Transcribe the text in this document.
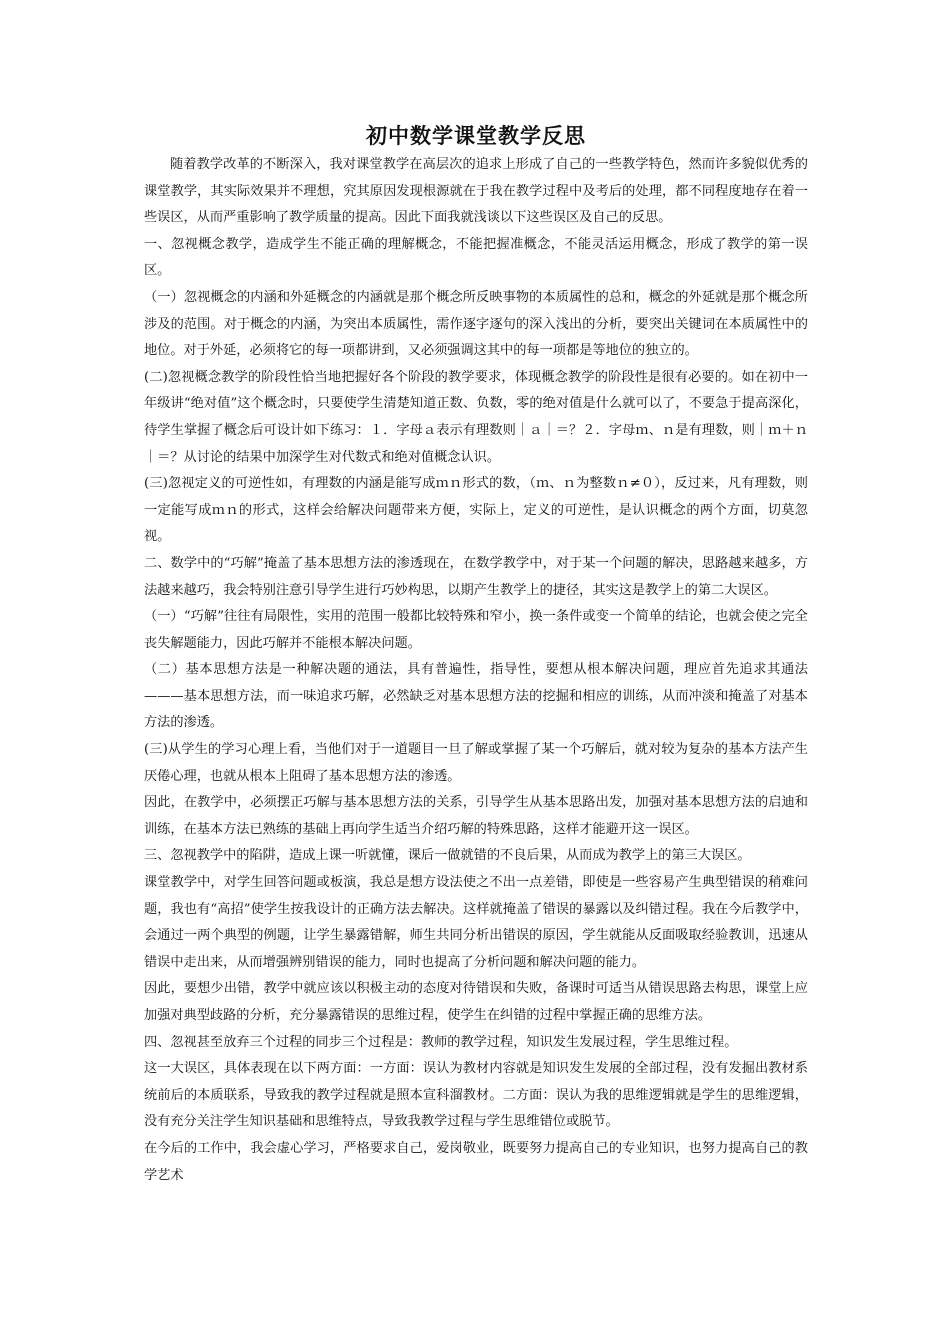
初中数学课堂教学反思

随着教学改革的不断深入，我对课堂教学在高层次的追求上形成了自己的一些教学特色，然而许多貌似优秀的课堂教学，其实际效果并不理想，究其原因发现根源就在于我在教学过程中及考后的处理，都不同程度地存在着一些误区，从而严重影响了教学质量的提高。因此下面我就浅谈以下这些误区及自己的反思。

一、忽视概念教学，造成学生不能正确的理解概念，不能把握准概念，不能灵活运用概念，形成了教学的第一误区。

（一）忽视概念的内涵和外延概念的内涵就是那个概念所反映事物的本质属性的总和，概念的外延就是那个概念所涉及的范围。对于概念的内涵，为突出本质属性，需作逐字逐句的深入浅出的分析，要突出关键词在本质属性中的地位。对于外延，必须将它的每一项都讲到，又必须强调这其中的每一项都是等地位的独立的。

(二)忽视概念教学的阶段性恰当地把握好各个阶段的教学要求，体现概念教学的阶段性是很有必要的。如在初中一年级讲“绝对值”这个概念时，只要使学生清楚知道正数、负数，零的绝对值是什么就可以了，不要急于提高深化，待学生掌握了概念后可设计如下练习：１．字母ａ表示有理数则｜ａ｜＝？２．字母ｍ、ｎ是有理数，则｜ｍ＋ｎ｜＝？从讨论的结果中加深学生对代数式和绝对值概念认识。

(三)忽视定义的可逆性如，有理数的内涵是能写成ｍｎ形式的数，（ｍ、ｎ为整数ｎ≠０），反过来，凡有理数，则一定能写成ｍｎ的形式，这样会给解决问题带来方便，实际上，定义的可逆性，是认识概念的两个方面，切莫忽视。

二、数学中的“巧解”掩盖了基本思想方法的渗透现在，在数学教学中，对于某一个问题的解决，思路越来越多，方法越来越巧，我会特别注意引导学生进行巧妙构思，以期产生教学上的捷径，其实这是教学上的第二大误区。

（一）“巧解”往往有局限性，实用的范围一般都比较特殊和窄小，换一条件或变一个简单的结论，也就会使之完全丧失解题能力，因此巧解并不能根本解决问题。

（二）基本思想方法是一种解决题的通法，具有普遍性，指导性，要想从根本解决问题，理应首先追求其通法———基本思想方法，而一味追求巧解，必然缺乏对基本思想方法的挖掘和相应的训练，从而冲淡和掩盖了对基本方法的渗透。

(三)从学生的学习心理上看，当他们对于一道题目一旦了解或掌握了某一个巧解后，就对较为复杂的基本方法产生厌倦心理，也就从根本上阻碍了基本思想方法的渗透。

因此，在教学中，必须摆正巧解与基本思想方法的关系，引导学生从基本思路出发，加强对基本思想方法的启迪和训练，在基本方法已熟练的基础上再向学生适当介绍巧解的特殊思路，这样才能避开这一误区。

三、忽视教学中的陷阱，造成上课一听就懂，课后一做就错的不良后果，从而成为教学上的第三大误区。

课堂教学中，对学生回答问题或板演，我总是想方设法使之不出一点差错，即使是一些容易产生典型错误的稍难问题，我也有“高招”使学生按我设计的正确方法去解决。这样就掩盖了错误的暴露以及纠错过程。我在今后教学中，会通过一两个典型的例题，让学生暴露错解，师生共同分析出错误的原因，学生就能从反面吸取经验教训，迅速从错误中走出来，从而增强辨别错误的能力，同时也提高了分析问题和解决问题的能力。

因此，要想少出错，教学中就应该以积极主动的态度对待错误和失败，备课时可适当从错误思路去构思，课堂上应加强对典型歧路的分析，充分暴露错误的思维过程，使学生在纠错的过程中掌握正确的思维方法。

四、忽视甚至放弃三个过程的同步三个过程是：教师的教学过程，知识发生发展过程，学生思维过程。

这一大误区，具体表现在以下两方面：一方面：误认为教材内容就是知识发生发展的全部过程，没有发掘出教材系统前后的本质联系，导致我的教学过程就是照本宣科溜教材。二方面：误认为我的思维逻辑就是学生的思维逻辑，没有充分关注学生知识基础和思维特点，导致我教学过程与学生思维错位或脱节。

在今后的工作中，我会虚心学习，严格要求自己，爱岗敬业，既要努力提高自己的专业知识，也努力提高自己的教学艺术
